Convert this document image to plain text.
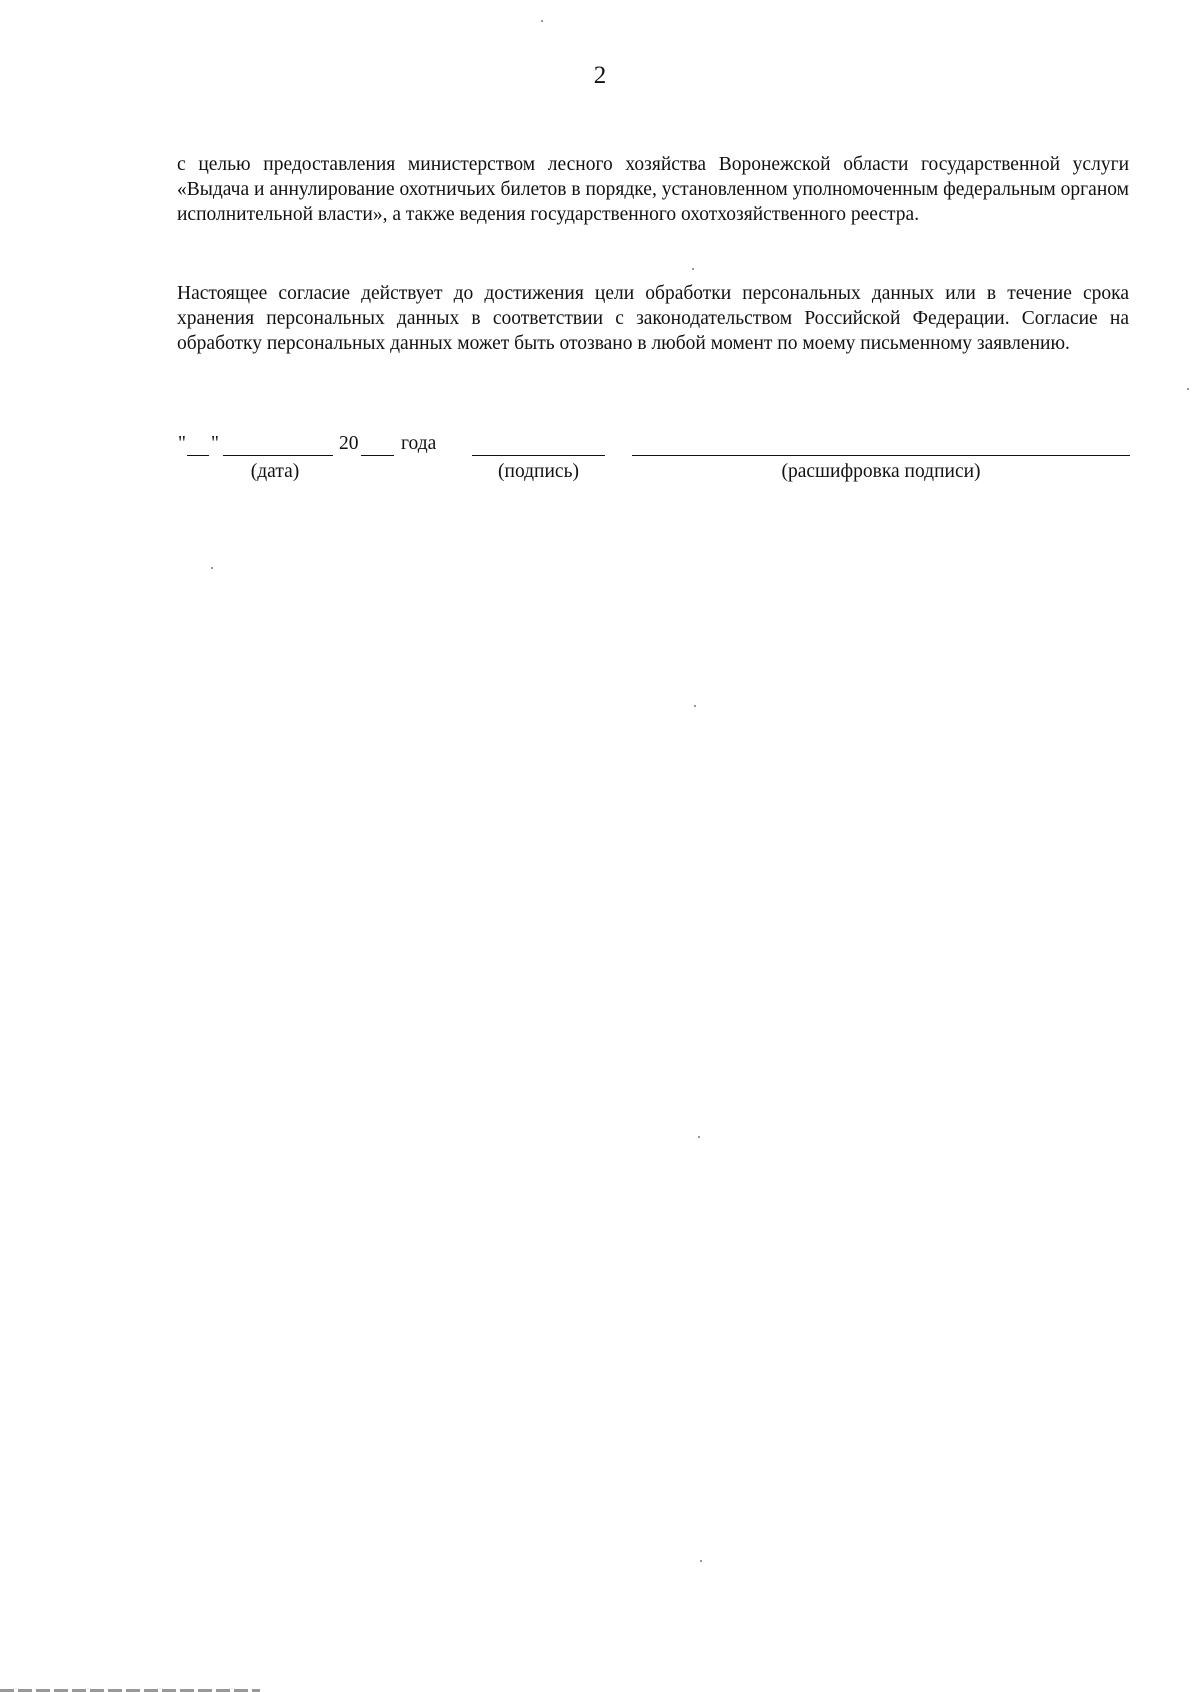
2

с целью предоставления министерством лесного хозяйства Воронежской области государственной услуги «Выдача и аннулирование охотничьих билетов в порядке, установленном уполномоченным федеральным органом исполнительной власти», а также ведения государственного охотхозяйственного реестра.

Настоящее согласие действует до достижения цели обработки персональных данных или в течение срока хранения персональных данных в соответствии с законодательством Российской Федерации. Согласие на обработку персональных данных может быть отозвано в любой момент по моему письменному заявлению.

" "	20 года
(дата)	(подпись)	(расшифровка подписи)
